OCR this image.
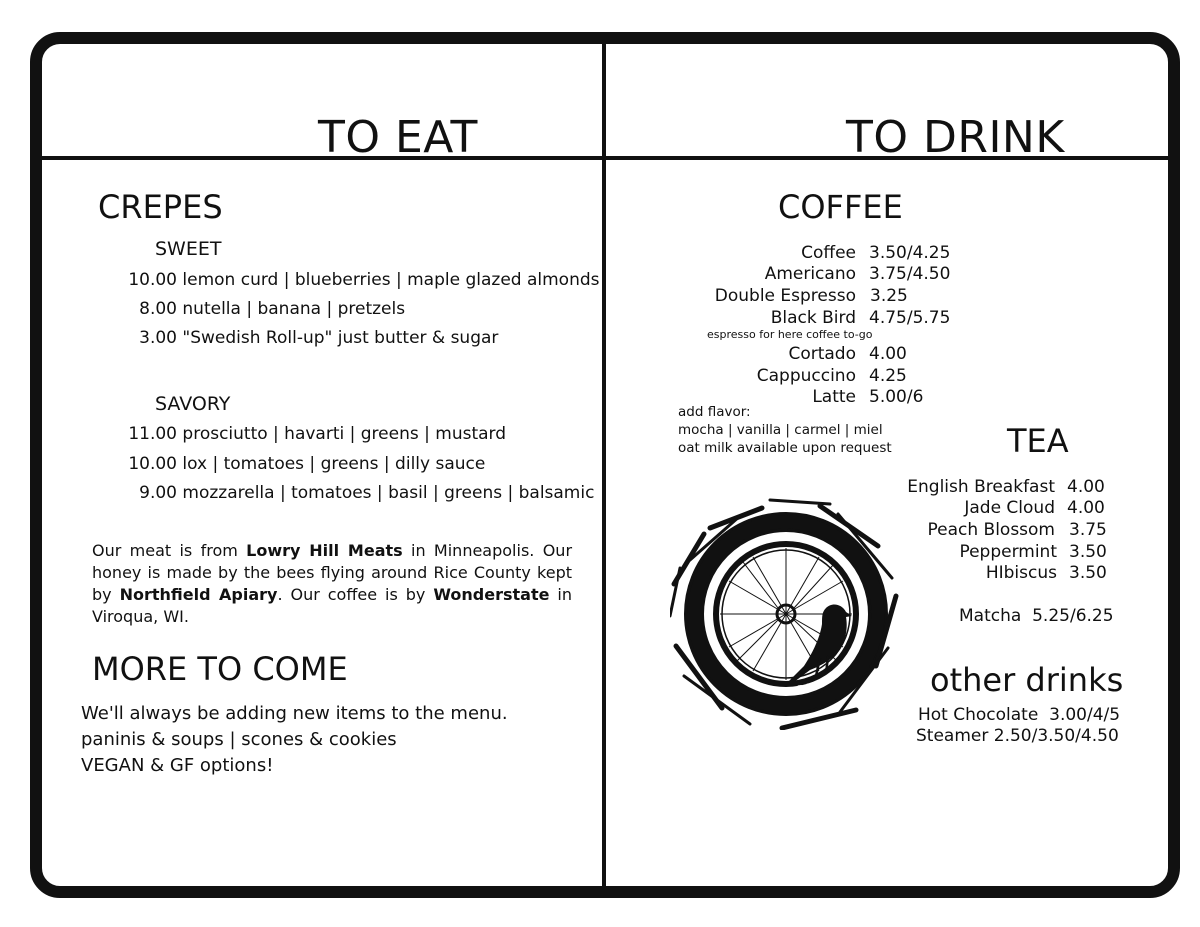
TO EAT
CREPES
SWEET
10.00 lemon curd | blueberries | maple glazed almonds
8.00 nutella | banana | pretzels
3.00 "Swedish Roll-up" just butter & sugar
SAVORY
11.00 prosciutto | havarti | greens | mustard
10.00 lox | tomatoes | greens | dilly sauce
9.00 mozzarella | tomatoes | basil | greens | balsamic
Our meat is from Lowry Hill Meats in Minneapolis. Our honey is made by the bees flying around Rice County kept by Northfield Apiary. Our coffee is by Wonderstate in Viroqua, WI.
MORE TO COME
We'll always be adding new items to the menu.
paninis & soups | scones & cookies
VEGAN & GF options!
TO DRINK
COFFEE
Coffee 3.50/4.25
Americano 3.75/4.50
Double Espresso 3.25
Black Bird 4.75/5.75
espresso for here coffee to-go
Cortado 4.00
Cappuccino 4.25
Latte 5.00/6
add flavor:
mocha | vanilla | carmel | miel
oat milk available upon request	TEA
English Breakfast 4.00
Jade Cloud 4.00
Peach Blossom 3.75
Peppermint 3.50
HIbiscus 3.50
Matcha 5.25/6.25
other drinks
Hot Chocolate 3.00/4/5
Steamer 2.50/3.50/4.50
RAVEN'S NEST CAFE
